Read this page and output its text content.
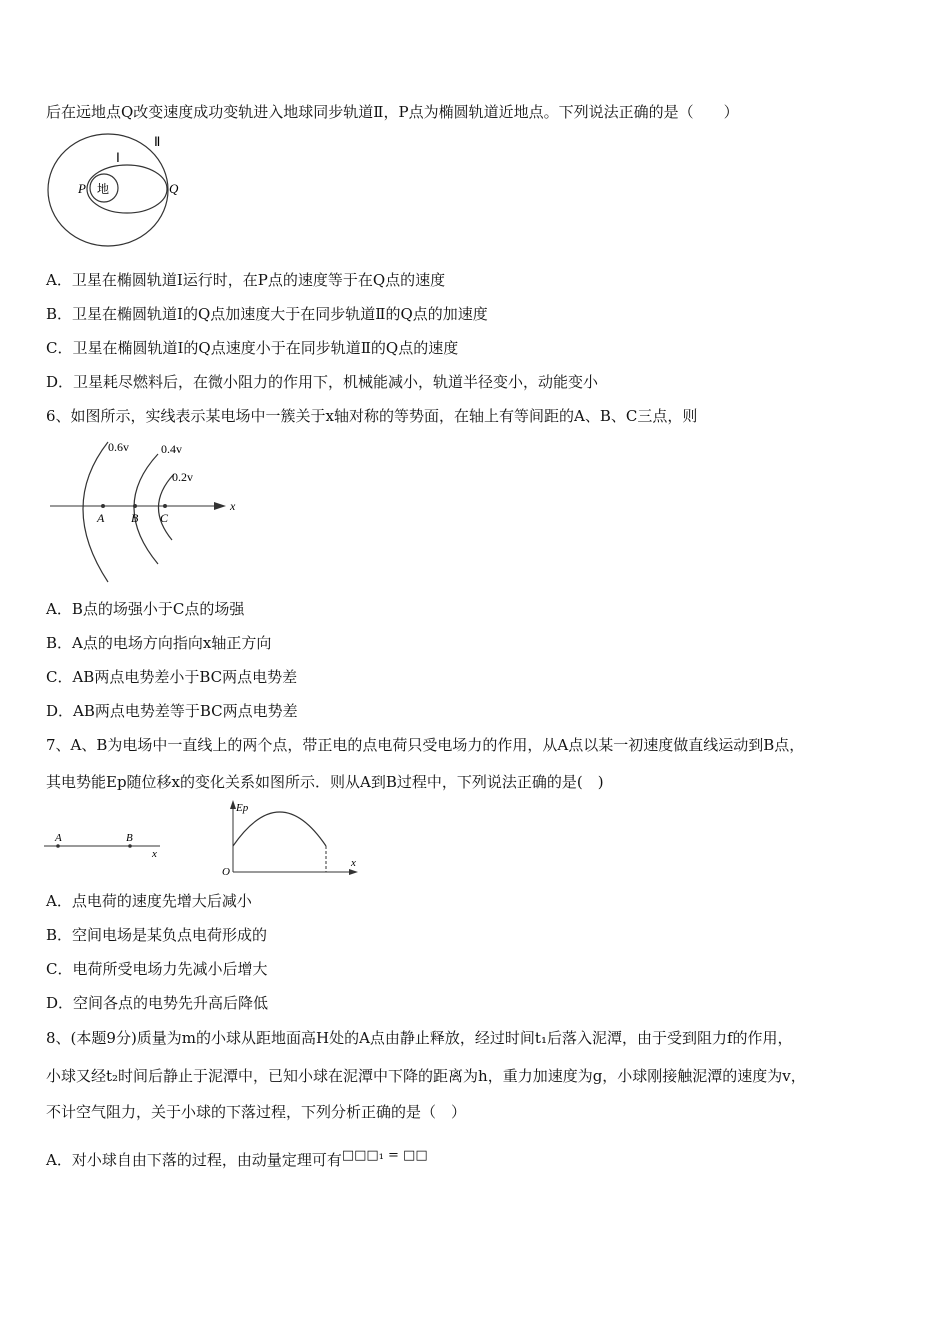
后在远地点Q改变速度成功变轨进入地球同步轨道Ⅱ，P点为椭圆轨道近地点。下列说法正确的是（　　）
地
P	Q
Ⅰ
Ⅱ
A．卫星在椭圆轨道Ⅰ运行时，在P点的速度等于在Q点的速度
B．卫星在椭圆轨道Ⅰ的Q点加速度大于在同步轨道Ⅱ的Q点的加速度
C．卫星在椭圆轨道Ⅰ的Q点速度小于在同步轨道Ⅱ的Q点的速度
D．卫星耗尽燃料后，在微小阻力的作用下，机械能减小，轨道半径变小，动能变小
6、如图所示，实线表示某电场中一簇关于x轴对称的等势面，在轴上有等间距的A、B、C三点，则
x
0.6v	0.4v
0.2v
A B C
A．B点的场强小于C点的场强
B．A点的电场方向指向x轴正方向
C．AB两点电势差小于BC两点电势差
D．AB两点电势差等于BC两点电势差
7、A、B为电场中一直线上的两个点，带正电的点电荷只受电场力的作用，从A点以某一初速度做直线运动到B点，
其电势能Ep随位移x的变化关系如图所示．则从A到B过程中，下列说法正确的是(　)
A	B
x
Ep
O
x
A．点电荷的速度先增大后减小
B．空间电场是某负点电荷形成的
C．电荷所受电场力先减小后增大
D．空间各点的电势先升高后降低
8、(本题9分)质量为m的小球从距地面高H处的A点由静止释放，经过时间t₁后落入泥潭，由于受到阻力f的作用，
小球又经t₂时间后静止于泥潭中，已知小球在泥潭中下降的距离为h，重力加速度为g，小球刚接触泥潭的速度为v，
不计空气阻力，关于小球的下落过程，下列分析正确的是（　）
A．对小球自由下落的过程，由动量定理可有□□□₁ = □□
